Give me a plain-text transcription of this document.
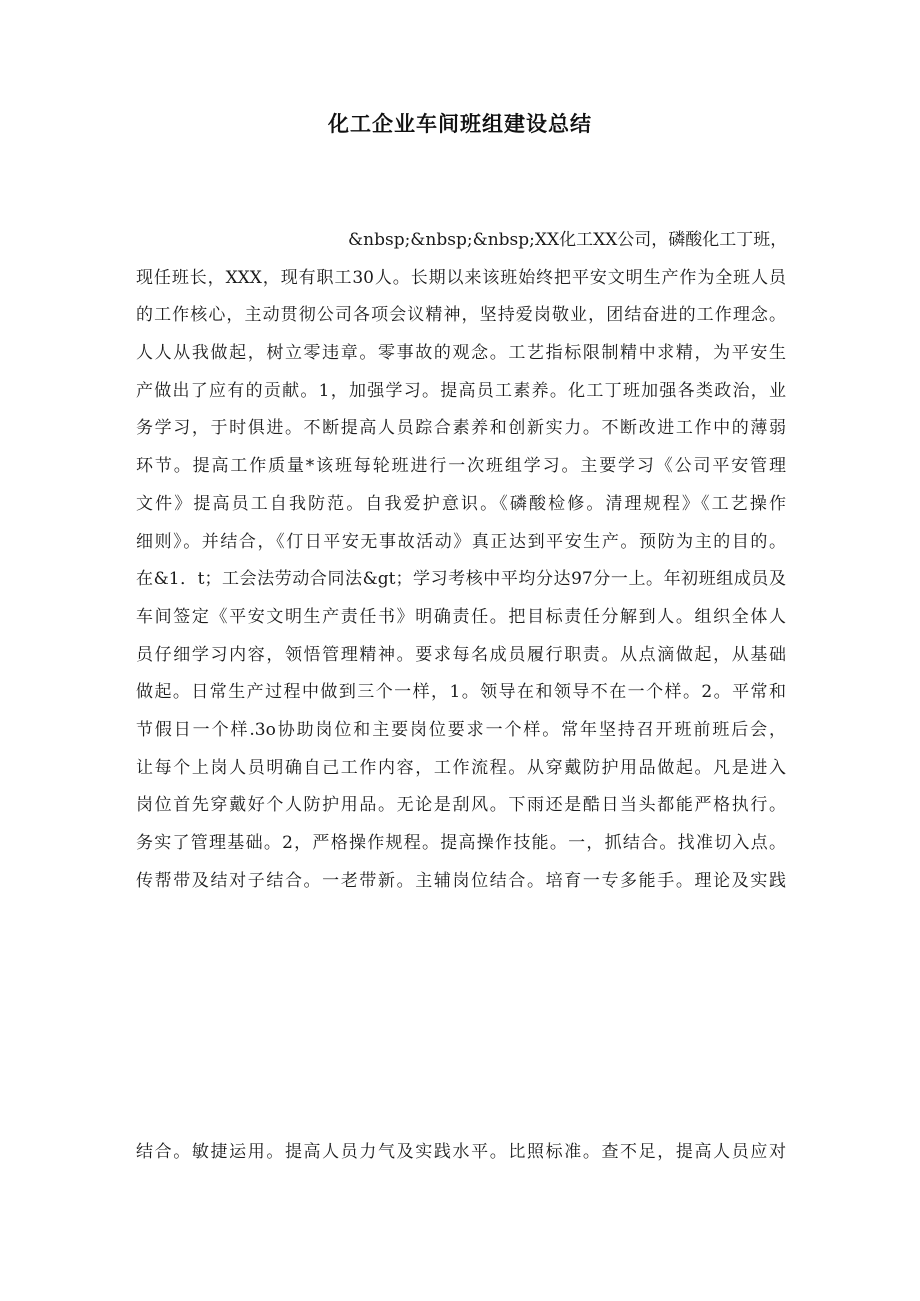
化工企业车间班组建设总结
&nbsp;&nbsp;&nbsp;XX化工XX公司，磷酸化工丁班，
现任班长，XXX，现有职工30人。长期以来该班始终把平安文明生产作为全班人员
的工作核心，主动贯彻公司各项会议精神，坚持爱岗敬业，团结奋进的工作理念。
人人从我做起，树立零违章。零事故的观念。工艺指标限制精中求精，为平安生
产做出了应有的贡献。1，加强学习。提高员工素养。化工丁班加强各类政治，业
务学习，于时俱进。不断提高人员踪合素养和创新实力。不断改进工作中的薄弱
环节。提高工作质量*该班每轮班进行一次班组学习。主要学习《公司平安管理
文件》提高员工自我防范。自我爱护意识。《磷酸检修。清理规程》《工艺操作
细则》。并结合，《仃日平安无事故活动》真正达到平安生产。预防为主的目的。
在&1．t；工会法劳动合同法&gt；学习考核中平均分达97分一上。年初班组成员及
车间签定《平安文明生产责任书》明确责任。把目标责任分解到人。组织全体人
员仔细学习内容，领悟管理精神。要求每名成员履行职责。从点滴做起，从基础
做起。日常生产过程中做到三个一样，1。领导在和领导不在一个样。2。平常和
节假日一个样.3o协助岗位和主要岗位要求一个样。常年坚持召开班前班后会，
让每个上岗人员明确自己工作内容，工作流程。从穿戴防护用品做起。凡是进入
岗位首先穿戴好个人防护用品。无论是刮风。下雨还是酷日当头都能严格执行。
务实了管理基础。2，严格操作规程。提高操作技能。一，抓结合。找准切入点。
传帮带及结对子结合。一老带新。主辅岗位结合。培育一专多能手。理论及实践
结合。敏捷运用。提高人员力气及实践水平。比照标准。查不足，提高人员应对
